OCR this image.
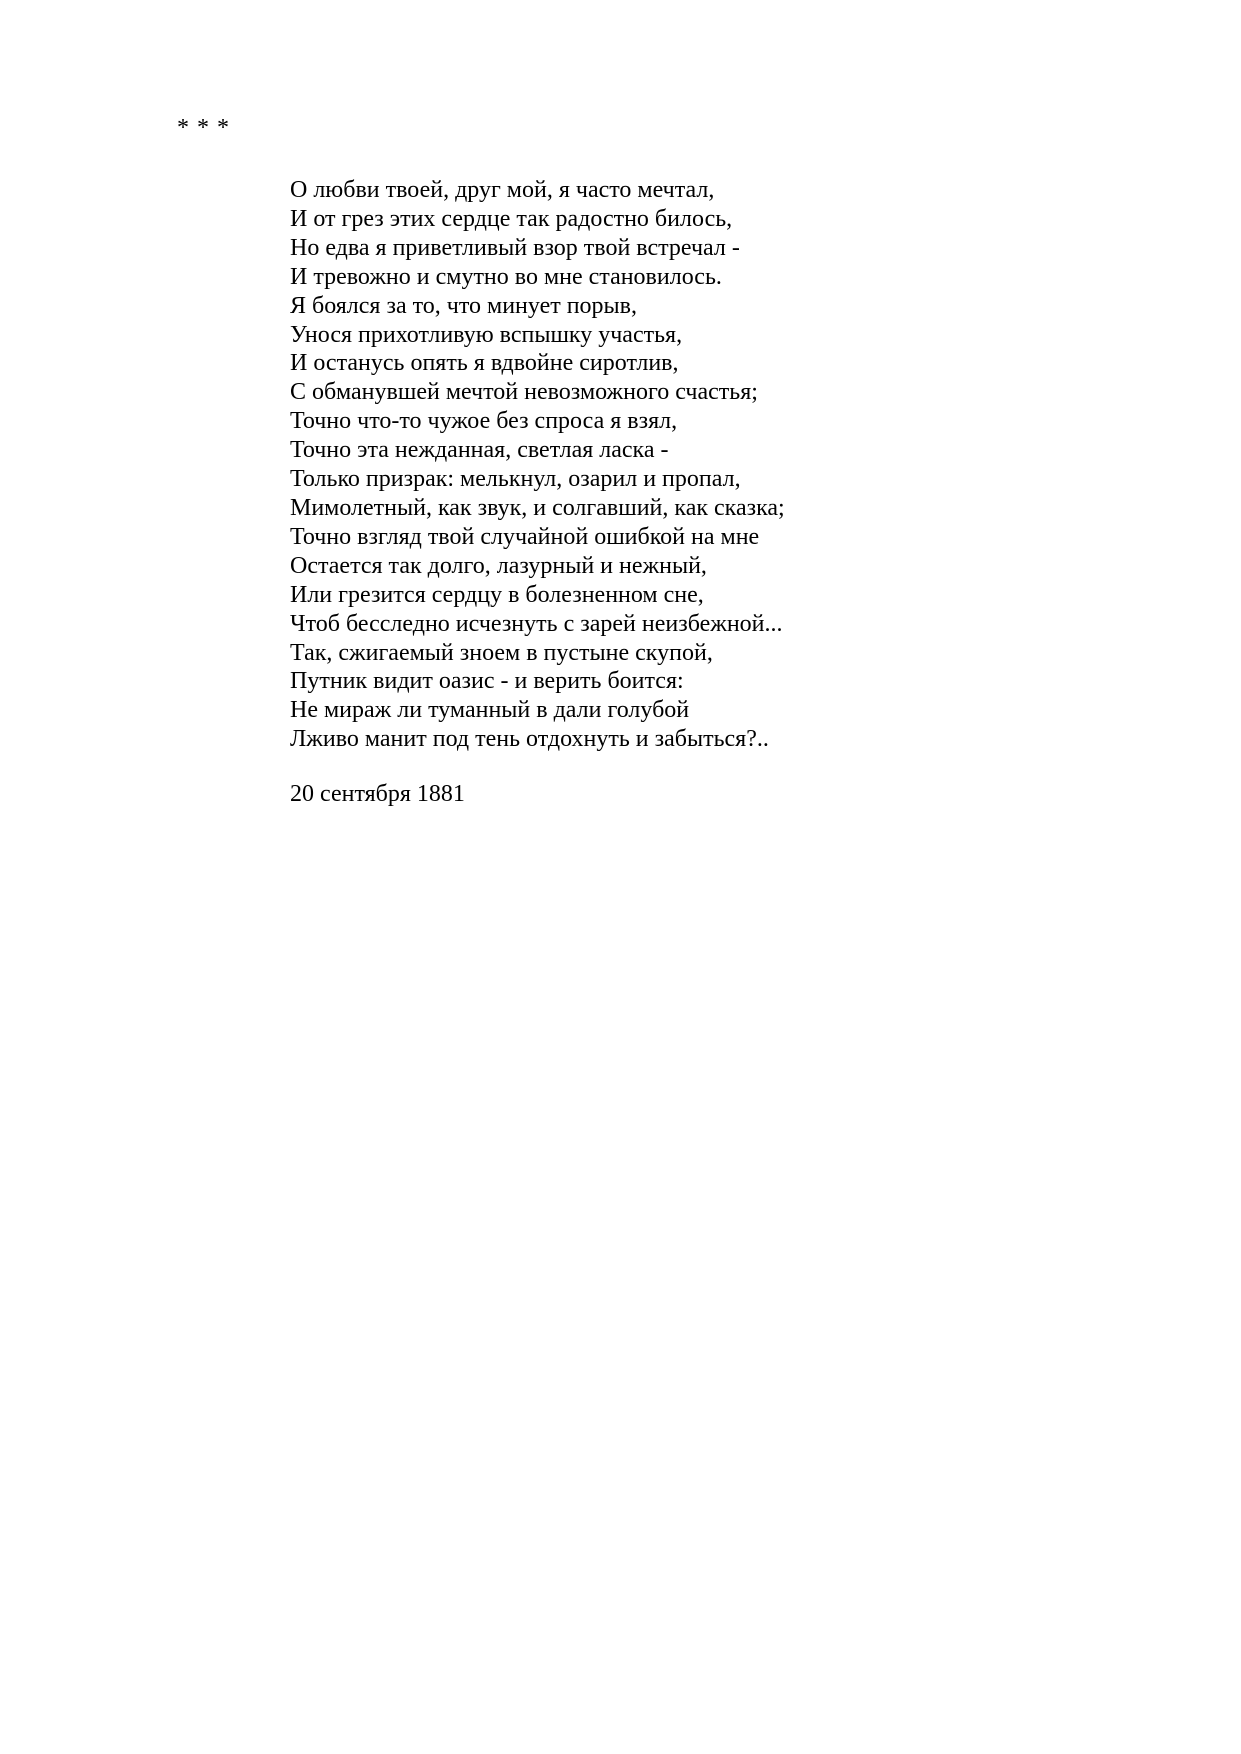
* * *
О любви твоей, друг мой, я часто мечтал,
И от грез этих сердце так радостно билось,
Но едва я приветливый взор твой встречал -
И тревожно и смутно во мне становилось.
Я боялся за то, что минует порыв,
Унося прихотливую вспышку участья,
И останусь опять я вдвойне сиротлив,
С обманувшей мечтой невозможного счастья;
Точно что-то чужое без спроса я взял,
Точно эта нежданная, светлая ласка -
Только призрак: мелькнул, озарил и пропал,
Мимолетный, как звук, и солгавший, как сказка;
Точно взгляд твой случайной ошибкой на мне
Остается так долго, лазурный и нежный,
Или грезится сердцу в болезненном сне,
Чтоб бесследно исчезнуть с зарей неизбежной...
Так, сжигаемый зноем в пустыне скупой,
Путник видит оазис - и верить боится:
Не мираж ли туманный в дали голубой
Лживо манит под тень отдохнуть и забыться?..
20 сентября 1881
